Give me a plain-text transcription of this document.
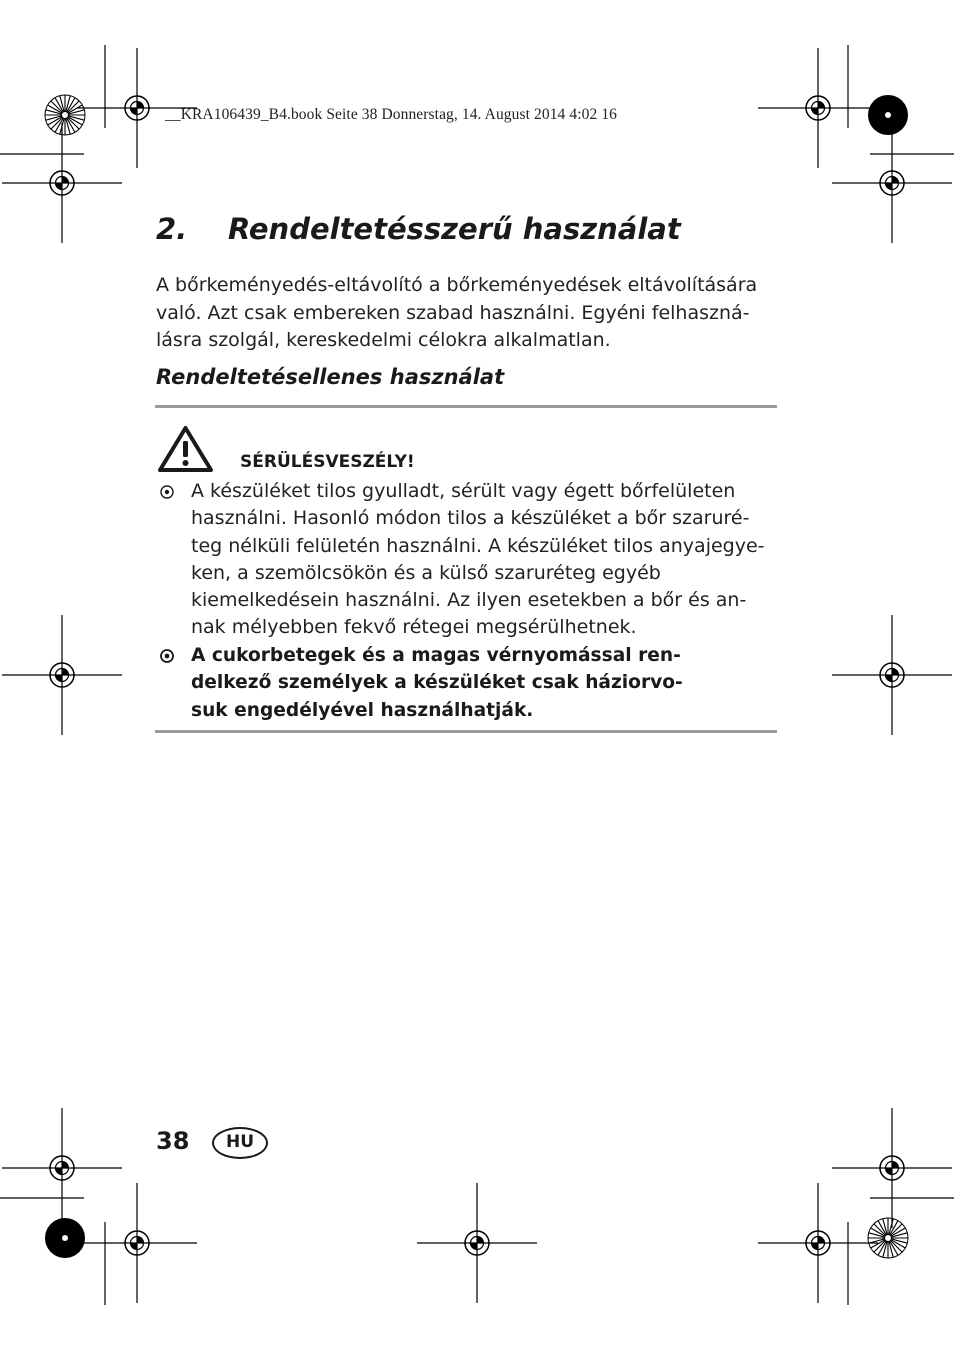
__KRA106439_B4.book Seite 38 Donnerstag, 14. August 2014 4:02 16
2. Rendeltetésszerű használat

A bőrkeményedés-eltávolító a bőrkeményedések eltávolítására
való. Azt csak embereken szabad használni. Egyéni felhaszná-
lásra szolgál, kereskedelmi célokra alkalmatlan.

Rendeltetésellenes használat
SÉRÜLÉSVESZÉLY!

A készüléket tilos gyulladt, sérült vagy égett bőrfelületen
használni. Hasonló módon tilos a készüléket a bőr szaruré-
teg nélküli felületén használni. A készüléket tilos anyajegye-
ken, a szemölcsökön és a külső szaruréteg egyéb
kiemelkedésein használni. Az ilyen esetekben a bőr és an-
nak mélyebben fekvő rétegei megsérülhetnek.

A cukorbetegek és a magas vérnyomással ren-
delkező személyek a készüléket csak háziorvo-
suk engedélyével használhatják.

38	HU
